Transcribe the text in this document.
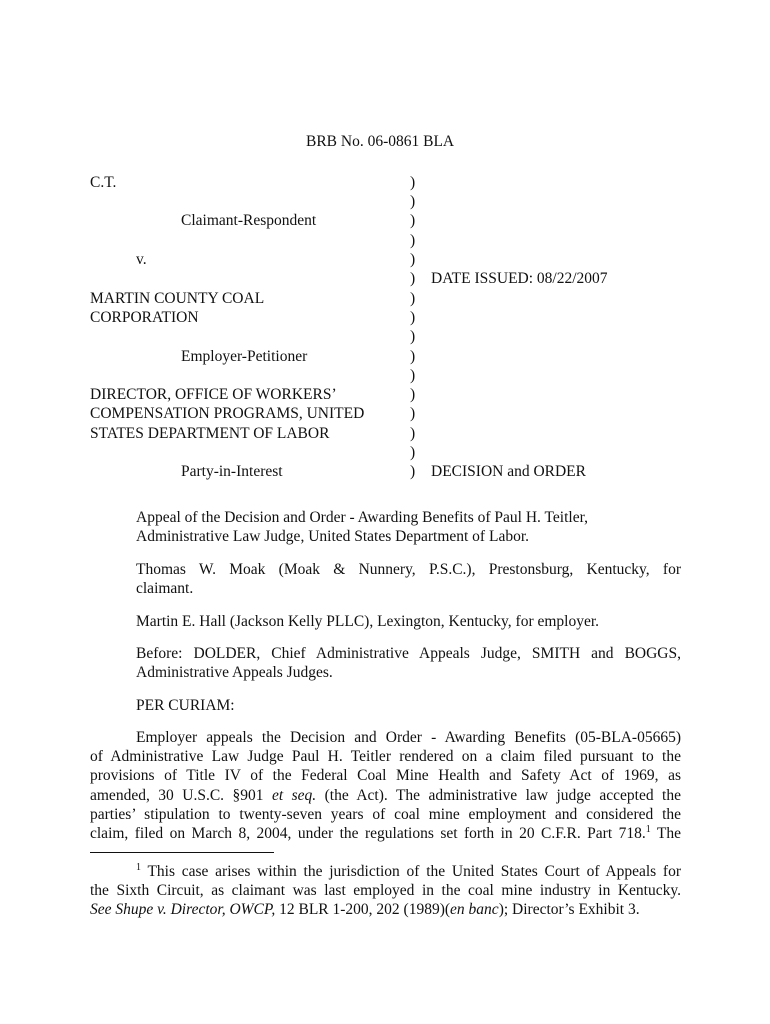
BRB No. 06-0861 BLA
C.T.
Claimant-Respondent
v.
MARTIN COUNTY COAL
CORPORATION
Employer-Petitioner
DIRECTOR, OFFICE OF WORKERS’
COMPENSATION PROGRAMS, UNITED
STATES DEPARTMENT OF LABOR
Party-in-Interest
)
)
)
)
)
)
)
)
)
)
)
)
)
)
)
)
DATE ISSUED: 08/22/2007
DECISION and ORDER
Appeal of the Decision and Order - Awarding Benefits of Paul H. Teitler,
Administrative Law Judge, United States Department of Labor.
Thomas W. Moak (Moak & Nunnery, P.S.C.), Prestonsburg, Kentucky, for
claimant.
Martin E. Hall (Jackson Kelly PLLC), Lexington, Kentucky, for employer.
Before: DOLDER, Chief Administrative Appeals Judge, SMITH and BOGGS,
Administrative Appeals Judges.
PER CURIAM:
Employer appeals the Decision and Order - Awarding Benefits (05-BLA-05665)
of Administrative Law Judge Paul H. Teitler rendered on a claim filed pursuant to the
provisions of Title IV of the Federal Coal Mine Health and Safety Act of 1969, as
amended, 30 U.S.C. §901 et seq. (the Act). The administrative law judge accepted the
parties’ stipulation to twenty-seven years of coal mine employment and considered the
claim, filed on March 8, 2004, under the regulations set forth in 20 C.F.R. Part 718.$^1$ The
$^1$ This case arises within the jurisdiction of the United States Court of Appeals for
the Sixth Circuit, as claimant was last employed in the coal mine industry in Kentucky.
See Shupe v. Director, OWCP, 12 BLR 1-200, 202 (1989)(en banc); Director’s Exhibit 3.
